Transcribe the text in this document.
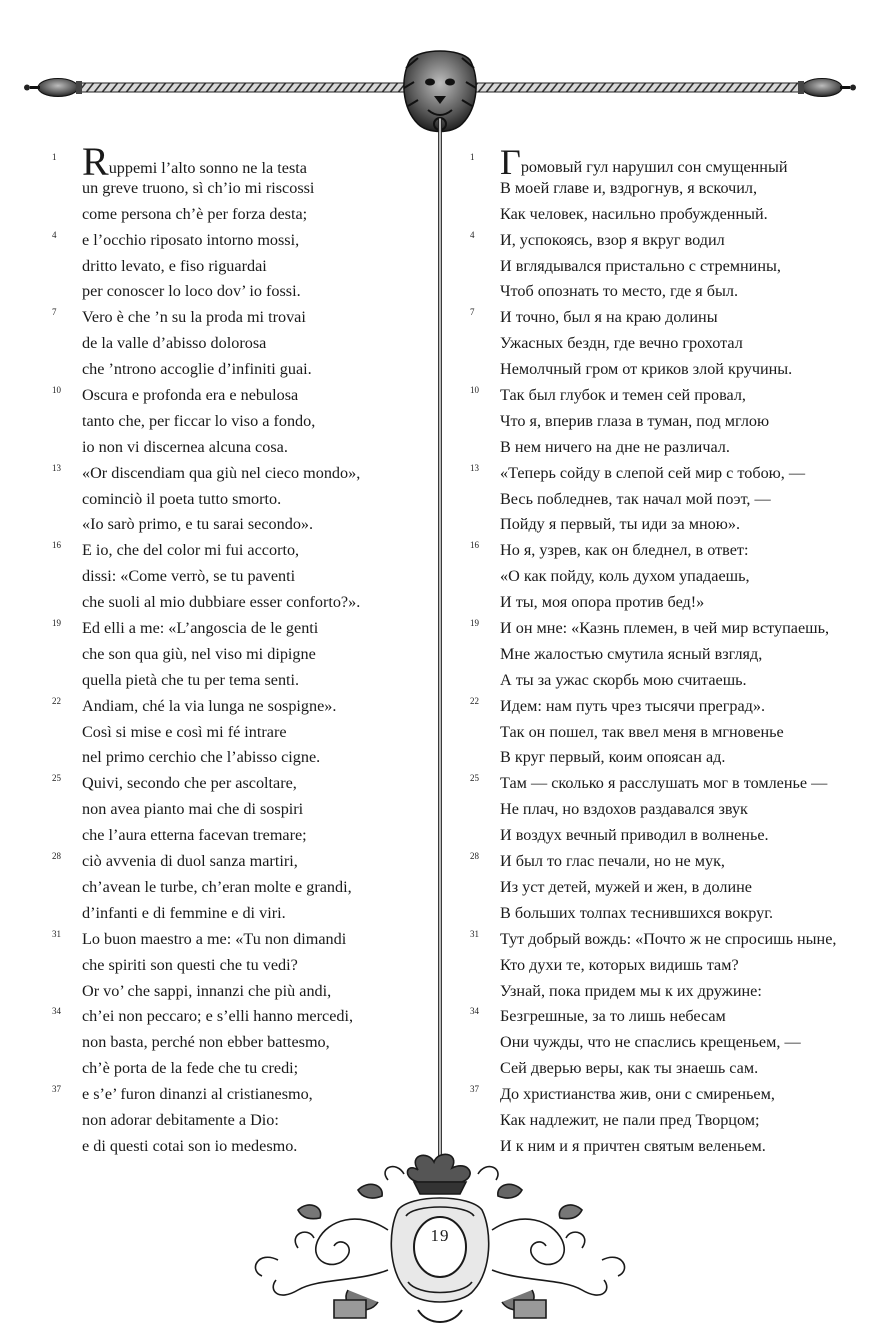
1 Ruppemi l’alto sonno ne la testa
un greve truono, sì ch’io mi riscossi
come persona ch’è per forza desta;
4	e l’occhio riposato intorno mossi,
dritto levato, e fiso riguardai
per conoscer lo loco dov’ io fossi.
7	Vero è che ’n su la proda mi trovai
de la valle d’abisso dolorosa
che ’ntrono accoglie d’infiniti guai.
10	Oscura e profonda era e nebulosa
tanto che, per ficcar lo viso a fondo,
io non vi discernea alcuna cosa.
13	«Or discendiam qua giù nel cieco mondo»,
cominciò il poeta tutto smorto.
«Io sarò primo, e tu sarai secondo».
16	E io, che del color mi fui accorto,
dissi: «Come verrò, se tu paventi
che suoli al mio dubbiare esser conforto?».
19	Ed elli a me: «L’angoscia de le genti
che son qua giù, nel viso mi dipigne
quella pietà che tu per tema senti.
22	Andiam, ché la via lunga ne sospigne».
Così si mise e così mi fé intrare
nel primo cerchio che l’abisso cigne.
25	Quivi, secondo che per ascoltare,
non avea pianto mai che di sospiri
che l’aura etterna facevan tremare;
28	ciò avvenia di duol sanza martiri,
ch’avean le turbe, ch’eran molte e grandi,
d’infanti e di femmine e di viri.
31	Lo buon maestro a me: «Tu non dimandi
che spiriti son questi che tu vedi?
Or vo’ che sappi, innanzi che più andi,
34	ch’ei non peccaro; e s’elli hanno mercedi,
non basta, perché non ebber battesmo,
ch’è porta de la fede che tu credi;
37	e s’e’ furon dinanzi al cristianesmo,
non adorar debitamente a Dio:
e di questi cotai son io medesmo.
1 Громовый гул нарушил сон смущенный
В моей главе и, вздрогнув, я вскочил,
Как человек, насильно пробужденный.
4	И, успокоясь, взор я вкруг водил
И вглядывался пристально с стремнины,
Чтоб опознать то место, где я был.
7	И точно, был я на краю долины
Ужасных бездн, где вечно грохотал
Немолчный гром от криков злой кручины.
10	Так был глубок и темен сей провал,
Что я, вперив глаза в туман, под мглою
В нем ничего на дне не различал.
13	«Теперь сойду в слепой сей мир с тобою, —
Весь побледнев, так начал мой поэт, —
Пойду я первый, ты иди за мною».
16	Но я, узрев, как он бледнел, в ответ:
«О как пойду, коль духом упадаешь,
И ты, моя опора против бед!»
19	И он мне: «Казнь племен, в чей мир вступаешь,
Мне жалостью смутила ясный взгляд,
А ты за ужас скорбь мою считаешь.
22	Идем: нам путь чрез тысячи преград».
Так он пошел, так ввел меня в мгновенье
В круг первый, коим опоясан ад.
25	Там — сколько я расслушать мог в томленье —
Не плач, но вздохов раздавался звук
И воздух вечный приводил в волненье.
28	И был то глас печали, но не мук,
Из уст детей, мужей и жен, в долине
В больших толпах теснившихся вокруг.
31	Тут добрый вождь: «Почто ж не спросишь ныне,
Кто духи те, которых видишь там?
Узнай, пока придем мы к их дружине:
34	Безгрешные, за то лишь небесам
Они чужды, что не спаслись крещеньем, —
Сей дверью веры, как ты знаешь сам.
37	До христианства жив, они с смиреньем,
Как надлежит, не пали пред Творцом;
И к ним и я причтен святым веленьем.
19
